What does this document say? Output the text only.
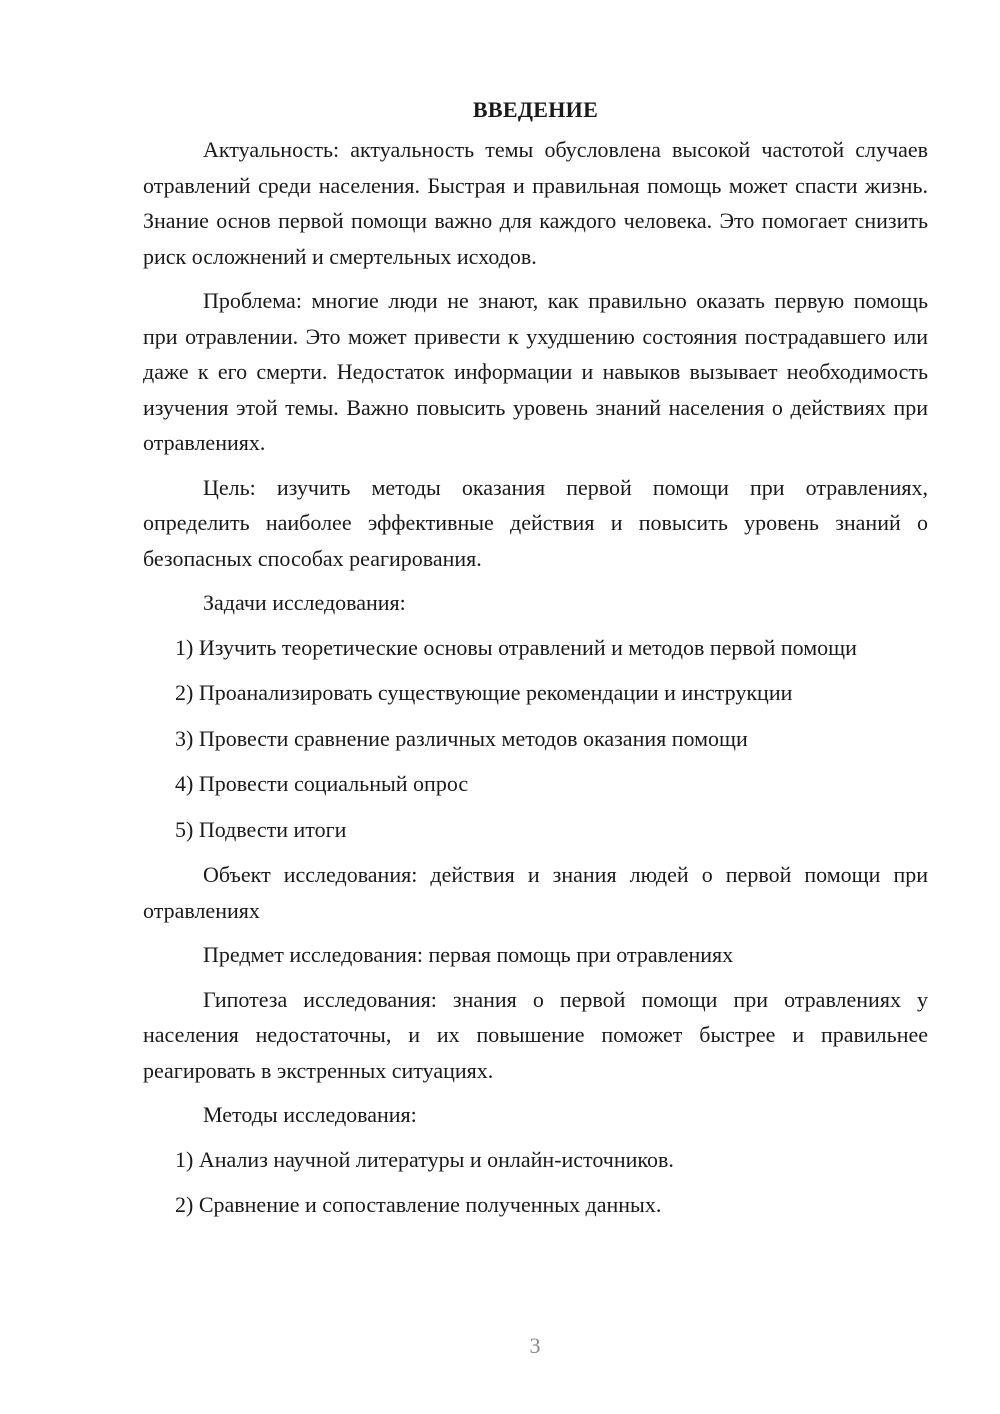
ВВЕДЕНИЕ

Актуальность: актуальность темы обусловлена высокой частотой случаев отравлений среди населения. Быстрая и правильная помощь может спасти жизнь. Знание основ первой помощи важно для каждого человека. Это помогает снизить риск осложнений и смертельных исходов.

Проблема: многие люди не знают, как правильно оказать первую помощь при отравлении. Это может привести к ухудшению состояния пострадавшего или даже к его смерти. Недостаток информации и навыков вызывает необходимость изучения этой темы. Важно повысить уровень знаний населения о действиях при отравлениях.

Цель: изучить методы оказания первой помощи при отравлениях, определить наиболее эффективные действия и повысить уровень знаний о безопасных способах реагирования.

Задачи исследования:

1) Изучить теоретические основы отравлений и методов первой помощи

2) Проанализировать существующие рекомендации и инструкции

3) Провести сравнение различных методов оказания помощи

4) Провести социальный опрос

5) Подвести итоги

Объект исследования: действия и знания людей о первой помощи при отравлениях

Предмет исследования: первая помощь при отравлениях

Гипотеза исследования: знания о первой помощи при отравлениях у населения недостаточны, и их повышение поможет быстрее и правильнее реагировать в экстренных ситуациях.

Методы исследования:

1) Анализ научной литературы и онлайн-источников.

2) Сравнение и сопоставление полученных данных.

3
